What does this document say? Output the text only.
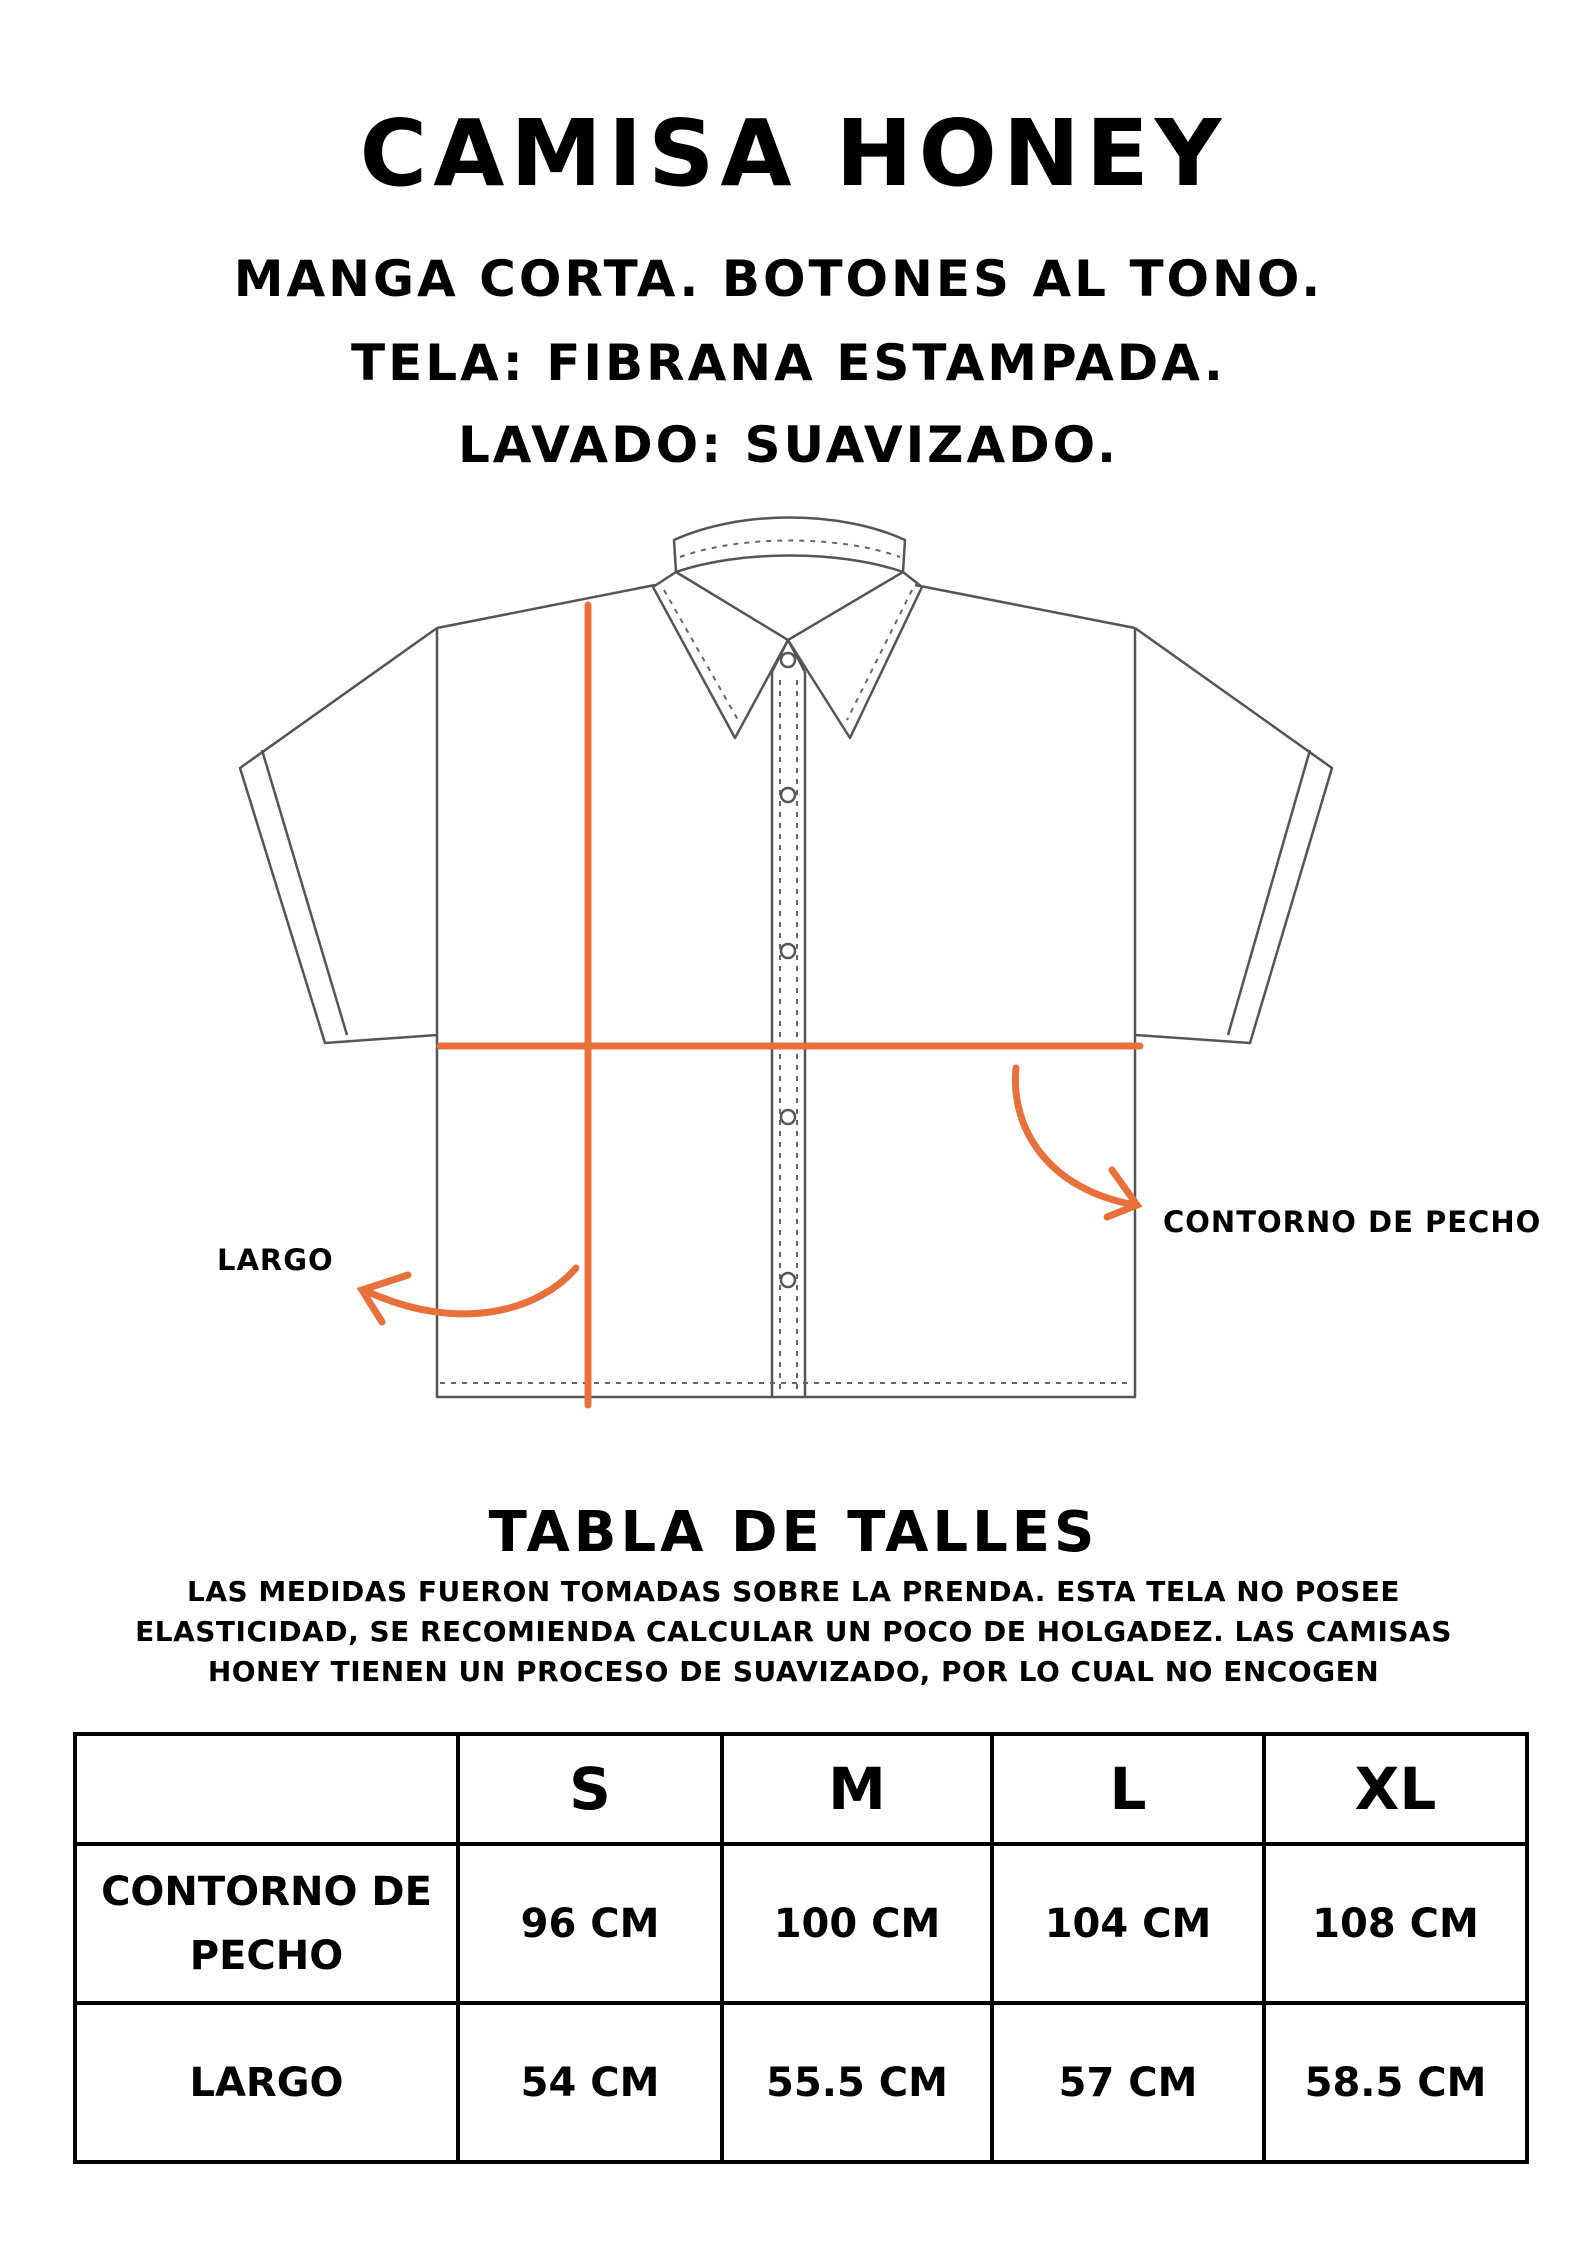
CAMISA HONEY

MANGA CORTA. BOTONES AL TONO.

TELA: FIBRANA ESTAMPADA.

LAVADO: SUAVIZADO.

CONTORNO DE PECHO
LARGO
TABLA DE TALLES

LAS MEDIDAS FUERON TOMADAS SOBRE LA PRENDA. ESTA TELA NO POSEE ELASTICIDAD, SE RECOMIENDA CALCULAR UN POCO DE HOLGADEZ. LAS CAMISAS HONEY TIENEN UN PROCESO DE SUAVIZADO, POR LO CUAL NO ENCOGEN

	S	M	L	XL
CONTORNO DE PECHO	96 CM	100 CM	104 CM	108 CM
LARGO	54 CM	55.5 CM	57 CM	58.5 CM
